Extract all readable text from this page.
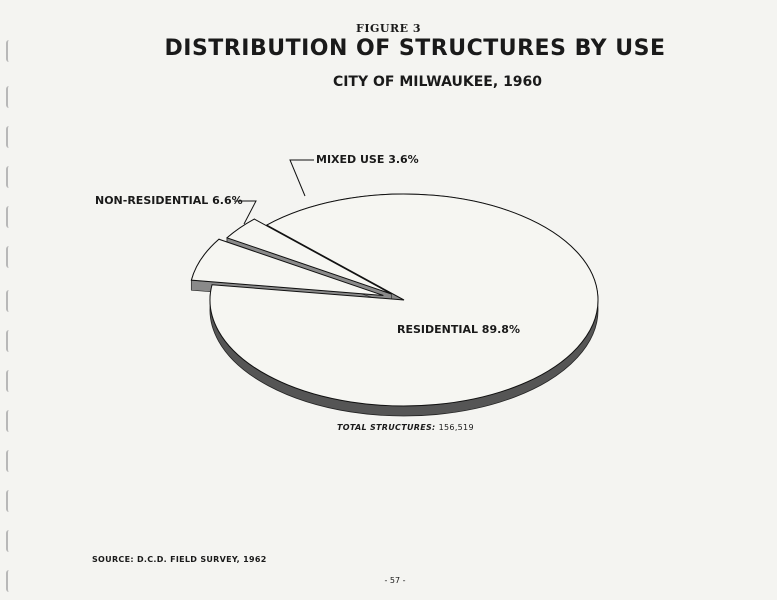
FIGURE 3
DISTRIBUTION OF STRUCTURES BY USE
CITY OF MILWAUKEE, 1960
RESIDENTIAL 89.8%
NON-RESIDENTIAL 6.6%
MIXED USE 3.6%
TOTAL STRUCTURES: 156,519
SOURCE: D.C.D. FIELD SURVEY, 1962
- 57 -
